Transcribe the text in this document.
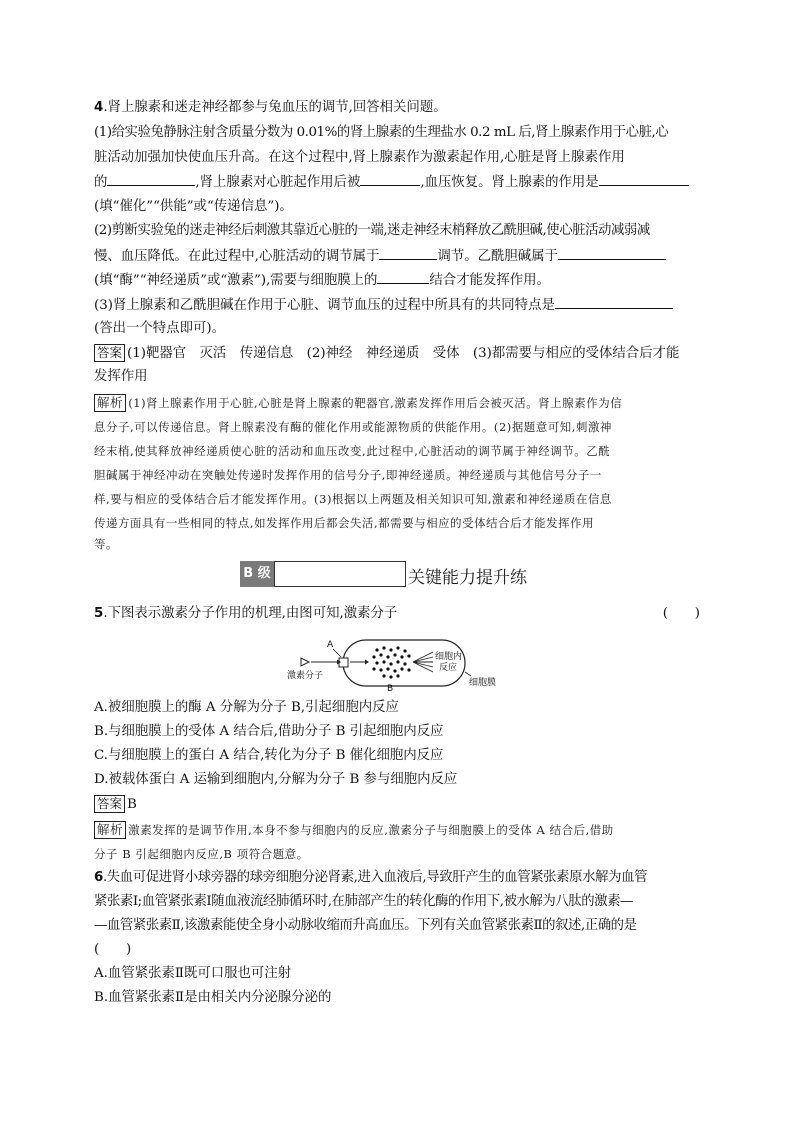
4.肾上腺素和迷走神经都参与兔血压的调节,回答相关问题。
(1)给实验兔静脉注射含质量分数为 0.01%的肾上腺素的生理盐水 0.2 mL 后,肾上腺素作用于心脏,心
脏活动加强加快使血压升高。在这个过程中,肾上腺素作为激素起作用,心脏是肾上腺素作用
的	,肾上腺素对心脏起作用后被	,血压恢复。肾上腺素的作用是
(填“催化”“供能”或“传递信息”)。
(2)剪断实验兔的迷走神经后刺激其靠近心脏的一端,迷走神经末梢释放乙酰胆碱,使心脏活动减弱减
慢、血压降低。在此过程中,心脏活动的调节属于	调节。乙酰胆碱属于
(填“酶”“神经递质”或“激素”),需要与细胞膜上的	结合才能发挥作用。
(3)肾上腺素和乙酰胆碱在作用于心脏、调节血压的过程中所具有的共同特点是
(答出一个特点即可)。
答案 (1)靶器官　灭活　传递信息　(2)神经　神经递质　受体　(3)都需要与相应的受体结合后才能
发挥作用
解析 (1)肾上腺素作用于心脏,心脏是肾上腺素的靶器官,激素发挥作用后会被灭活。肾上腺素作为信
息分子,可以传递信息。肾上腺素没有酶的催化作用或能源物质的供能作用。(2)据题意可知,刺激神
经末梢,使其释放神经递质使心脏的活动和血压改变,此过程中,心脏活动的调节属于神经调节。乙酰
胆碱属于神经冲动在突触处传递时发挥作用的信号分子,即神经递质。神经递质与其他信号分子一
样,要与相应的受体结合后才能发挥作用。(3)根据以上两题及相关知识可知,激素和神经递质在信息
传递方面具有一些相同的特点,如发挥作用后都会失活,都需要与相应的受体结合后才能发挥作用
等。
B 级	关键能力提升练
5.下图表示激素分子作用的机理,由图可知,激素分子	(　　)
A
B
激素分子
细胞内
反应
细胞膜
A.被细胞膜上的酶 A 分解为分子 B,引起细胞内反应
B.与细胞膜上的受体 A 结合后,借助分子 B 引起细胞内反应
C.与细胞膜上的蛋白 A 结合,转化为分子 B 催化细胞内反应
D.被载体蛋白 A 运输到细胞内,分解为分子 B 参与细胞内反应
答案 B
解析 激素发挥的是调节作用,本身不参与细胞内的反应,激素分子与细胞膜上的受体 A 结合后,借助
分子 B 引起细胞内反应,B 项符合题意。
6.失血可促进肾小球旁器的球旁细胞分泌肾素,进入血液后,导致肝产生的血管紧张素原水解为血管
紧张素Ⅰ;血管紧张素Ⅰ随血液流经肺循环时,在肺部产生的转化酶的作用下,被水解为八肽的激素—
—血管紧张素Ⅱ,该激素能使全身小动脉收缩而升高血压。下列有关血管紧张素Ⅱ的叙述,正确的是
(　　)
A.血管紧张素Ⅱ既可口服也可注射
B.血管紧张素Ⅱ是由相关内分泌腺分泌的
